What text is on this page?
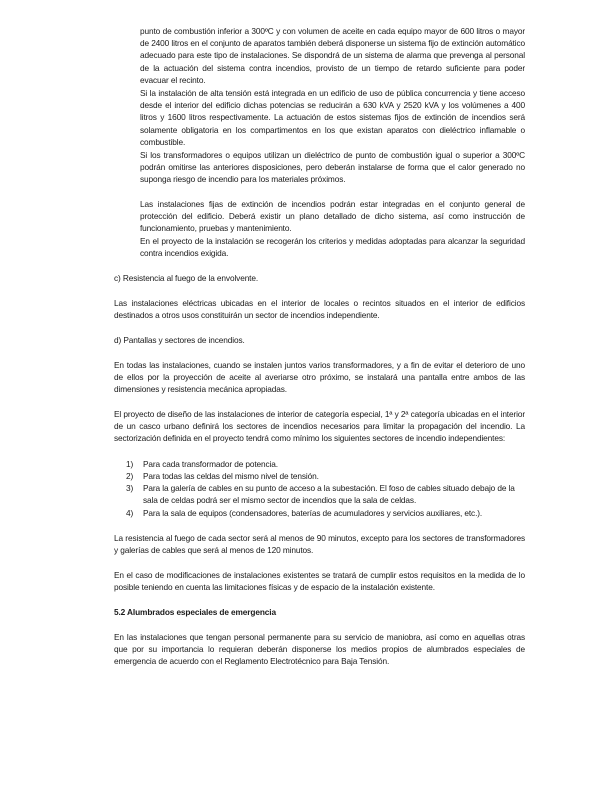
punto de combustión inferior a 300ºC y con volumen de aceite en cada equipo mayor de 600 litros o mayor de 2400 litros en el conjunto de aparatos también deberá disponerse un sistema fijo de extinción automático adecuado para este tipo de instalaciones. Se dispondrá de un sistema de alarma que prevenga al personal de la actuación del sistema contra incendios, provisto de un tiempo de retardo suficiente para poder evacuar el recinto.

Si la instalación de alta tensión está integrada en un edificio de uso de pública concurrencia y tiene acceso desde el interior del edificio dichas potencias se reducirán a 630 kVA y 2520 kVA y los volúmenes a 400 litros y 1600 litros respectivamente. La actuación de estos sistemas fijos de extinción de incendios será solamente obligatoria en los compartimentos en los que existan aparatos con dieléctrico inflamable o combustible.

Si los transformadores o equipos utilizan un dieléctrico de punto de combustión igual o superior a 300ºC podrán omitirse las anteriores disposiciones, pero deberán instalarse de forma que el calor generado no suponga riesgo de incendio para los materiales próximos.

Las instalaciones fijas de extinción de incendios podrán estar integradas en el conjunto general de protección del edificio. Deberá existir un plano detallado de dicho sistema, así como instrucción de funcionamiento, pruebas y mantenimiento.

En el proyecto de la instalación se recogerán los criterios y medidas adoptadas para alcanzar la seguridad contra incendios exigida.

c) Resistencia al fuego de la envolvente.

Las instalaciones eléctricas ubicadas en el interior de locales o recintos situados en el interior de edificios destinados a otros usos constituirán un sector de incendios independiente.

d) Pantallas y sectores de incendios.

En todas las instalaciones, cuando se instalen juntos varios transformadores, y a fin de evitar el deterioro de uno de ellos por la proyección de aceite al averiarse otro próximo, se instalará una pantalla entre ambos de las dimensiones y resistencia mecánica apropiadas.

El proyecto de diseño de las instalaciones de interior de categoría especial, 1ª y 2ª categoría ubicadas en el interior de un casco urbano definirá los sectores de incendios necesarios para limitar la propagación del incendio. La sectorización definida en el proyecto tendrá como mínimo los siguientes sectores de incendio independientes:

1) Para cada transformador de potencia.
2) Para todas las celdas del mismo nivel de tensión.
3) Para la galería de cables en su punto de acceso a la subestación. El foso de cables situado debajo de la sala de celdas podrá ser el mismo sector de incendios que la sala de celdas.
4) Para la sala de equipos (condensadores, baterías de acumuladores y servicios auxiliares, etc.).

La resistencia al fuego de cada sector será al menos de 90 minutos, excepto para los sectores de transformadores y galerías de cables que será al menos de 120 minutos.

En el caso de modificaciones de instalaciones existentes se tratará de cumplir estos requisitos en la medida de lo posible teniendo en cuenta las limitaciones físicas y de espacio de la instalación existente.

5.2 Alumbrados especiales de emergencia

En las instalaciones que tengan personal permanente para su servicio de maniobra, así como en aquellas otras que por su importancia lo requieran deberán disponerse los medios propios de alumbrados especiales de emergencia de acuerdo con el Reglamento Electrotécnico para Baja Tensión.
